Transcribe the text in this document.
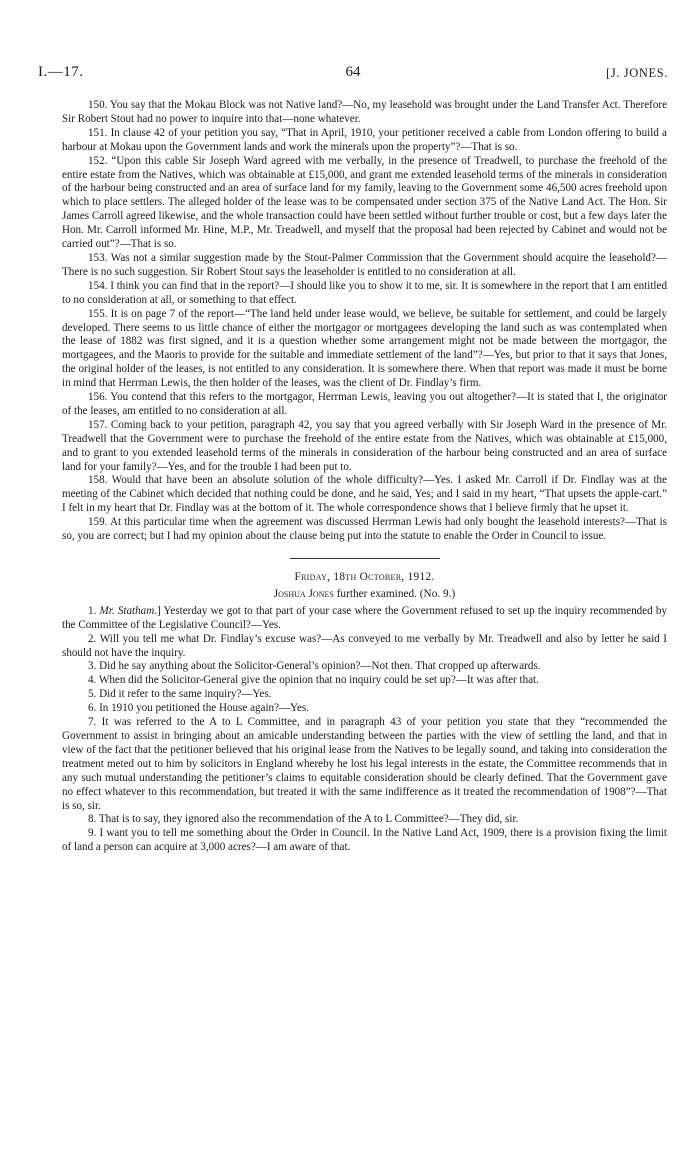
I.—17.	64	[J. JONES.

150. You say that the Mokau Block was not Native land?—No, my leasehold was brought under the Land Transfer Act. Therefore Sir Robert Stout had no power to inquire into that—none whatever.

151. In clause 42 of your petition you say, “That in April, 1910, your petitioner received a cable from London offering to build a harbour at Mokau upon the Government lands and work the minerals upon the property”?—That is so.

152. “Upon this cable Sir Joseph Ward agreed with me verbally, in the presence of Treadwell, to purchase the freehold of the entire estate from the Natives, which was obtainable at £15,000, and grant me extended leasehold terms of the minerals in consideration of the harbour being constructed and an area of surface land for my family, leaving to the Government some 46,500 acres freehold upon which to place settlers. The alleged holder of the lease was to be compensated under section 375 of the Native Land Act. The Hon. Sir James Carroll agreed likewise, and the whole transaction could have been settled without further trouble or cost, but a few days later the Hon. Mr. Carroll informed Mr. Hine, M.P., Mr. Treadwell, and myself that the proposal had been rejected by Cabinet and would not be carried out”?—That is so.

153. Was not a similar suggestion made by the Stout-Palmer Commission that the Government should acquire the leasehold?—There is no such suggestion. Sir Robert Stout says the leaseholder is entitled to no consideration at all.

154. I think you can find that in the report?—I should like you to show it to me, sir. It is somewhere in the report that I am entitled to no consideration at all, or something to that effect.

155. It is on page 7 of the report—“The land held under lease would, we believe, be suitable for settlement, and could be largely developed. There seems to us little chance of either the mortgagor or mortgagees developing the land such as was contemplated when the lease of 1882 was first signed, and it is a question whether some arrangement might not be made between the mortgagor, the mortgagees, and the Maoris to provide for the suitable and immediate settlement of the land”?—Yes, but prior to that it says that Jones, the original holder of the leases, is not entitled to any consideration. It is somewhere there. When that report was made it must be borne in mind that Herrman Lewis, the then holder of the leases, was the client of Dr. Findlay’s firm.

156. You contend that this refers to the mortgagor, Herrman Lewis, leaving you out altogether?—It is stated that I, the originator of the leases, am entitled to no consideration at all.

157. Coming back to your petition, paragraph 42, you say that you agreed verbally with Sir Joseph Ward in the presence of Mr. Treadwell that the Government were to purchase the freehold of the entire estate from the Natives, which was obtainable at £15,000, and to grant to you extended leasehold terms of the minerals in consideration of the harbour being constructed and an area of surface land for your family?—Yes, and for the trouble I had been put to.

158. Would that have been an absolute solution of the whole difficulty?—Yes. I asked Mr. Carroll if Dr. Findlay was at the meeting of the Cabinet which decided that nothing could be done, and he said, Yes; and I said in my heart, “That upsets the apple-cart.” I felt in my heart that Dr. Findlay was at the bottom of it. The whole correspondence shows that I believe firmly that he upset it.

159. At this particular time when the agreement was discussed Herrman Lewis had only bought the leasehold interests?—That is so, you are correct; but I had my opinion about the clause being put into the statute to enable the Order in Council to issue.

Friday, 18th October, 1912.
Joshua Jones further examined. (No. 9.)

1. Mr. Statham.] Yesterday we got to that part of your case where the Government refused to set up the inquiry recommended by the Committee of the Legislative Council?—Yes.

2. Will you tell me what Dr. Findlay’s excuse was?—As conveyed to me verbally by Mr. Treadwell and also by letter he said I should not have the inquiry.

3. Did he say anything about the Solicitor-General’s opinion?—Not then. That cropped up afterwards.

4. When did the Solicitor-General give the opinion that no inquiry could be set up?—It was after that.

5. Did it refer to the same inquiry?—Yes.

6. In 1910 you petitioned the House again?—Yes.

7. It was referred to the A to L Committee, and in paragraph 43 of your petition you state that they “recommended the Government to assist in bringing about an amicable understanding between the parties with the view of settling the land, and that in view of the fact that the petitioner believed that his original lease from the Natives to be legally sound, and taking into consideration the treatment meted out to him by solicitors in England whereby he lost his legal interests in the estate, the Committee recommends that in any such mutual understanding the petitioner’s claims to equitable consideration should be clearly defined. That the Government gave no effect whatever to this recommendation, but treated it with the same indifference as it treated the recommendation of 1908”?—That is so, sir.

8. That is to say, they ignored also the recommendation of the A to L Committee?—They did, sir.

9. I want you to tell me something about the Order in Council. In the Native Land Act, 1909, there is a provision fixing the limit of land a person can acquire at 3,000 acres?—I am aware of that.
